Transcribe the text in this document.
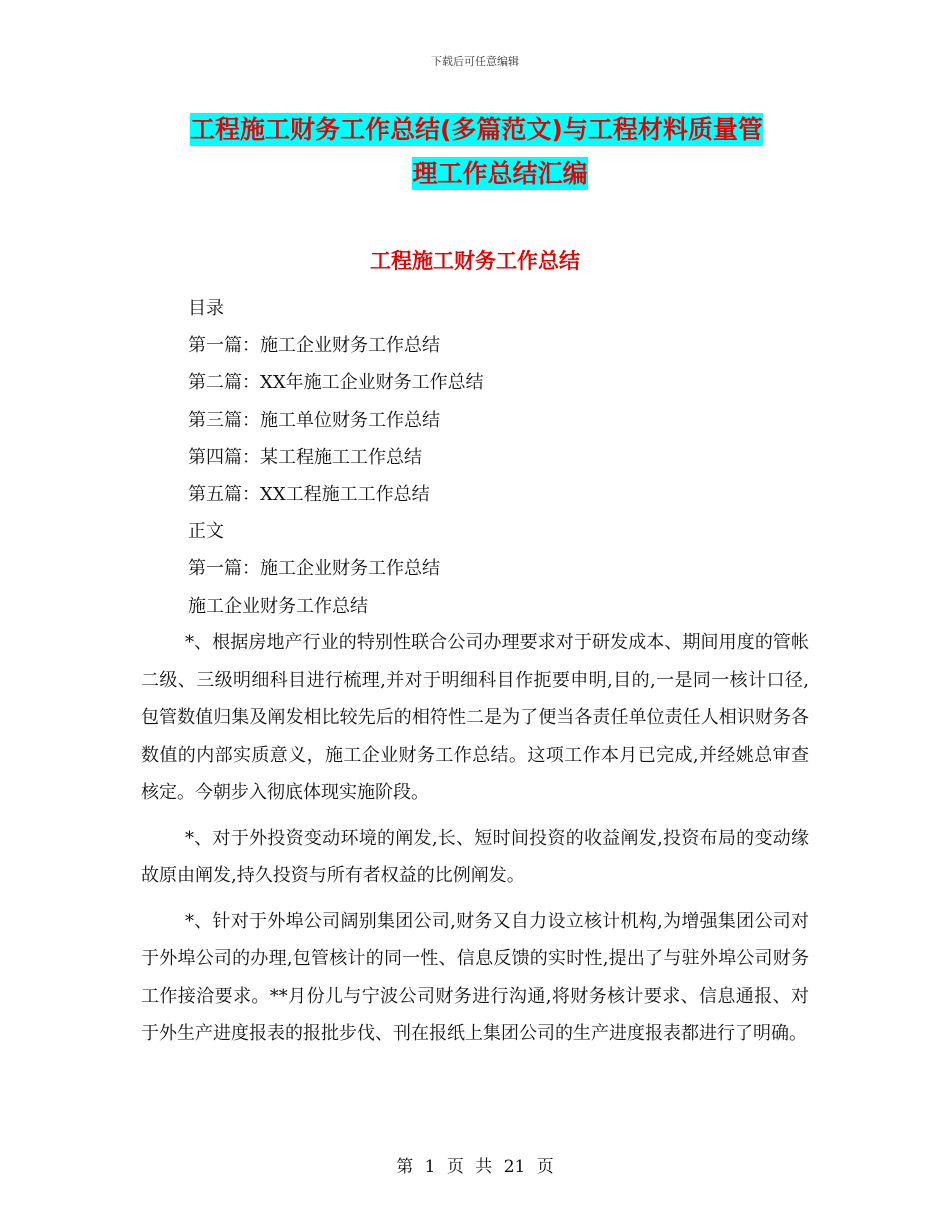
下载后可任意编辑
工程施工财务工作总结(多篇范文)与工程材料质量管
理工作总结汇编
工程施工财务工作总结
目录
第一篇：施工企业财务工作总结
第二篇：XX年施工企业财务工作总结
第三篇：施工单位财务工作总结
第四篇：某工程施工工作总结
第五篇：XX工程施工工作总结
正文
第一篇：施工企业财务工作总结
施工企业财务工作总结

*、根据房地产行业的特别性联合公司办理要求对于研发成本、期间用度的管帐二级、三级明细科目进行梳理,并对于明细科目作扼要申明,目的,一是同一核计口径,包管数值归集及阐发相比较先后的相符性二是为了便当各责任单位责任人相识财务各数值的内部实质意义，施工企业财务工作总结。这项工作本月已完成,并经姚总审查核定。今朝步入彻底体现实施阶段。

*、对于外投资变动环境的阐发,长、短时间投资的收益阐发,投资布局的变动缘故原由阐发,持久投资与所有者权益的比例阐发。

*、针对于外埠公司阔别集团公司,财务又自力设立核计机构,为增强集团公司对于外埠公司的办理,包管核计的同一性、信息反馈的实时性,提出了与驻外埠公司财务工作接洽要求。**月份儿与宁波公司财务进行沟通,将财务核计要求、信息通报、对于外生产进度报表的报批步伐、刊在报纸上集团公司的生产进度报表都进行了明确。

第 1 页 共 21 页
